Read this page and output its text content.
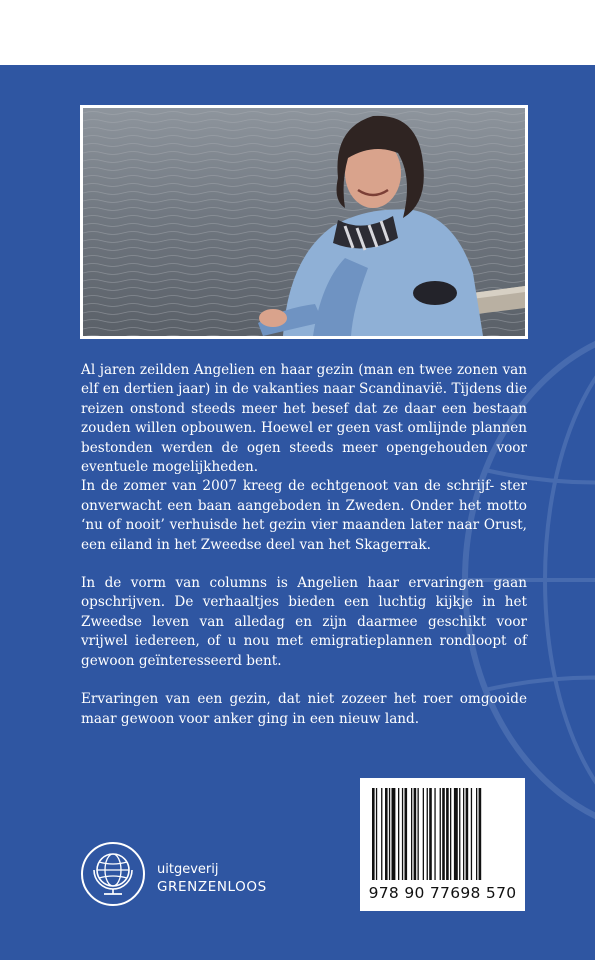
Al jaren zeilden Angelien en haar gezin (man en twee zonen van elf en dertien jaar) in de vakanties naar Scandinavië. Tijdens die reizen onstond steeds meer het besef dat ze daar een bestaan zouden willen opbouwen. Hoewel er geen vast omlijnde plannen bestonden werden de ogen steeds meer opengehouden voor eventuele mogelijkheden.

In de zomer van 2007 kreeg de echtgenoot van de schrijf- ster onverwacht een baan aangeboden in Zweden. Onder het motto ‘nu of nooit’ verhuisde het gezin vier maanden later naar Orust, een eiland in het Zweedse deel van het Skagerrak.

In de vorm van columns is Angelien haar ervaringen gaan opschrijven. De verhaaltjes bieden een luchtig kijkje in het Zweedse leven van alledag en zijn daarmee geschikt voor vrijwel iedereen, of u nou met emigratieplannen rondloopt of gewoon geïnteresseerd bent.

Ervaringen van een gezin, dat niet zozeer het roer omgooide maar gewoon voor anker ging in een nieuw land.

uitgeverij
GRENZENLOOS	978 90 77698 570
